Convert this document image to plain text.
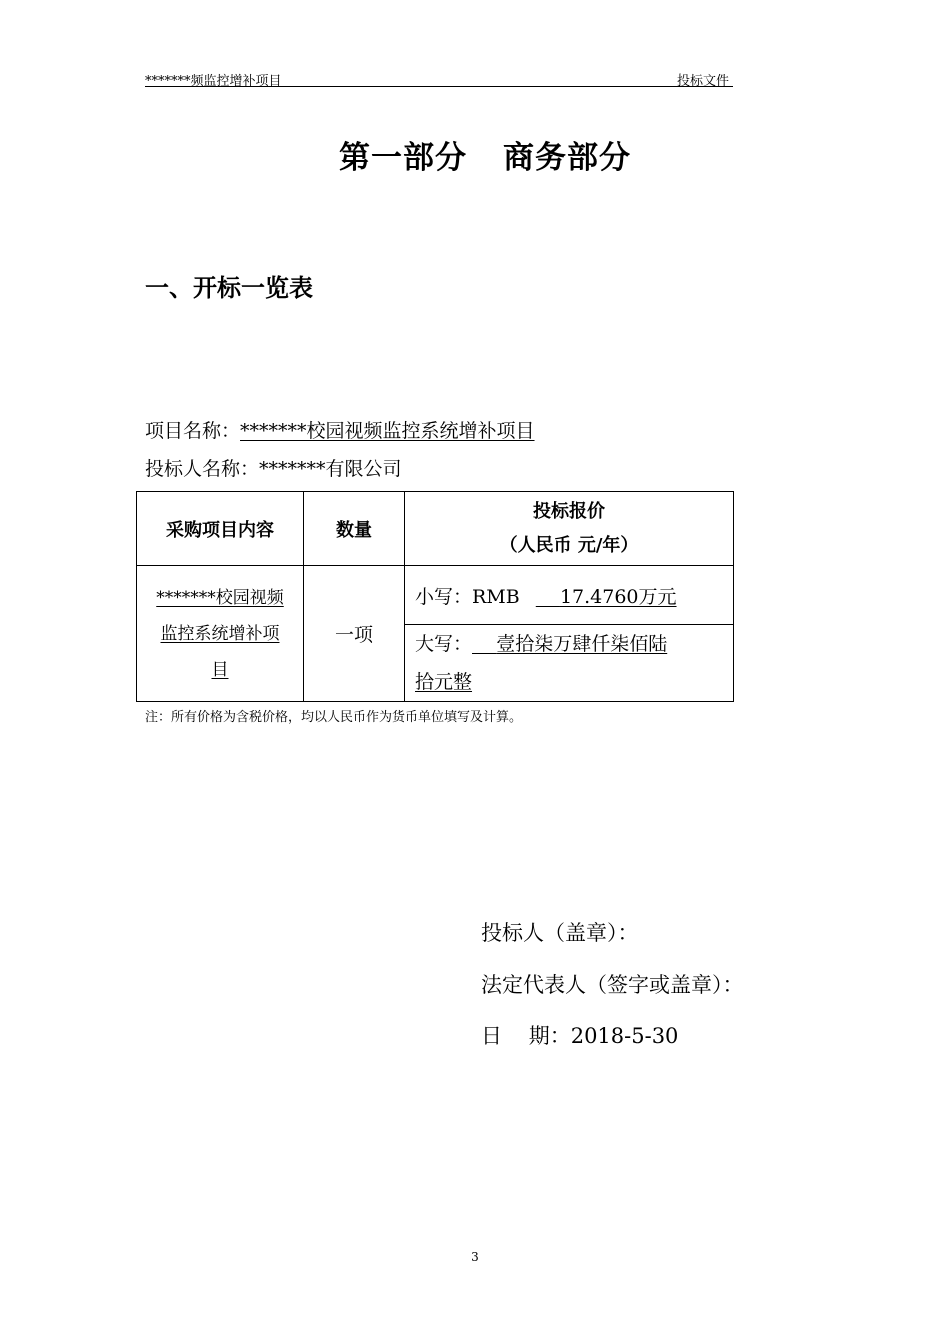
*******频监控增补项目	投标文件
第一部分 商务部分
一、开标一览表
项目名称：*******校园视频监控系统增补项目
投标人名称：*******有限公司
采购项目内容	数量	投标报价
（人民币 元/年）

*******校园视频
监控系统增补项
目	一项	小写：RMB 17.4760万元

		大写： 壹拾柒万肆仟柒佰陆
拾元整
注：所有价格为含税价格，均以人民币作为货币单位填写及计算。
投标人（盖章）：
法定代表人（签字或盖章）：
日    期：2018-5-30
3
